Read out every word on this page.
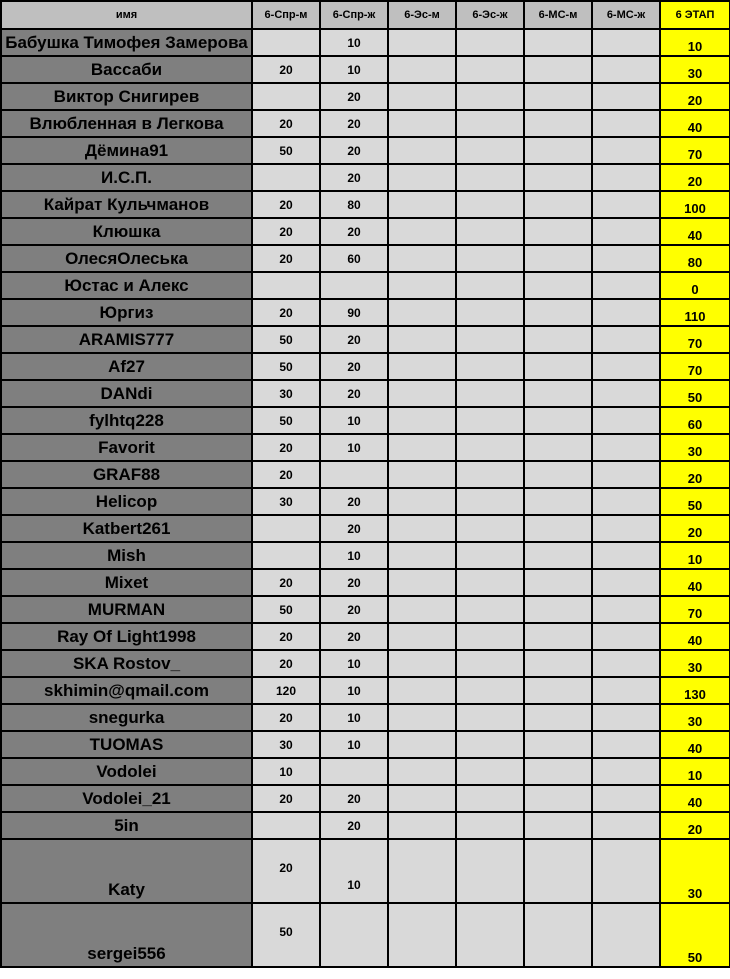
имя	6-Спр-м	6-Спр-ж	6-Эс-м	6-Эс-ж	6-МС-м	6-МС-ж	6 ЭТАП
Бабушка Тимофея Замерова		10					10
Вассаби	20	10					30
Виктор Снигирев		20					20
Влюбленная в Легкова	20	20					40
Дёмина91	50	20					70
И.С.П.		20					20
Кайрат Кульчманов	20	80					100
Клюшка	20	20					40
ОлесяОлеська	20	60					80
Юстас и Алекс							0
Юргиз	20	90					110
ARAMIS777	50	20					70
Af27	50	20					70
DANdi	30	20					50
fylhtq228	50	10					60
Favorit	20	10					30
GRAF88	20						20
Helicop	30	20					50
Katbert261		20					20
Mish		10					10
Mixet	20	20					40
MURMAN	50	20					70
Ray Of Light1998	20	20					40
SKA Rostov_	20	10					30
skhimin@qmail.com	120	10					130
snegurka	20	10					30
TUOMAS	30	10					40
Vodolei	10						10
Vodolei_21	20	20					40
5in		20					20
Katy	20	10					30
sergei556	50						50
